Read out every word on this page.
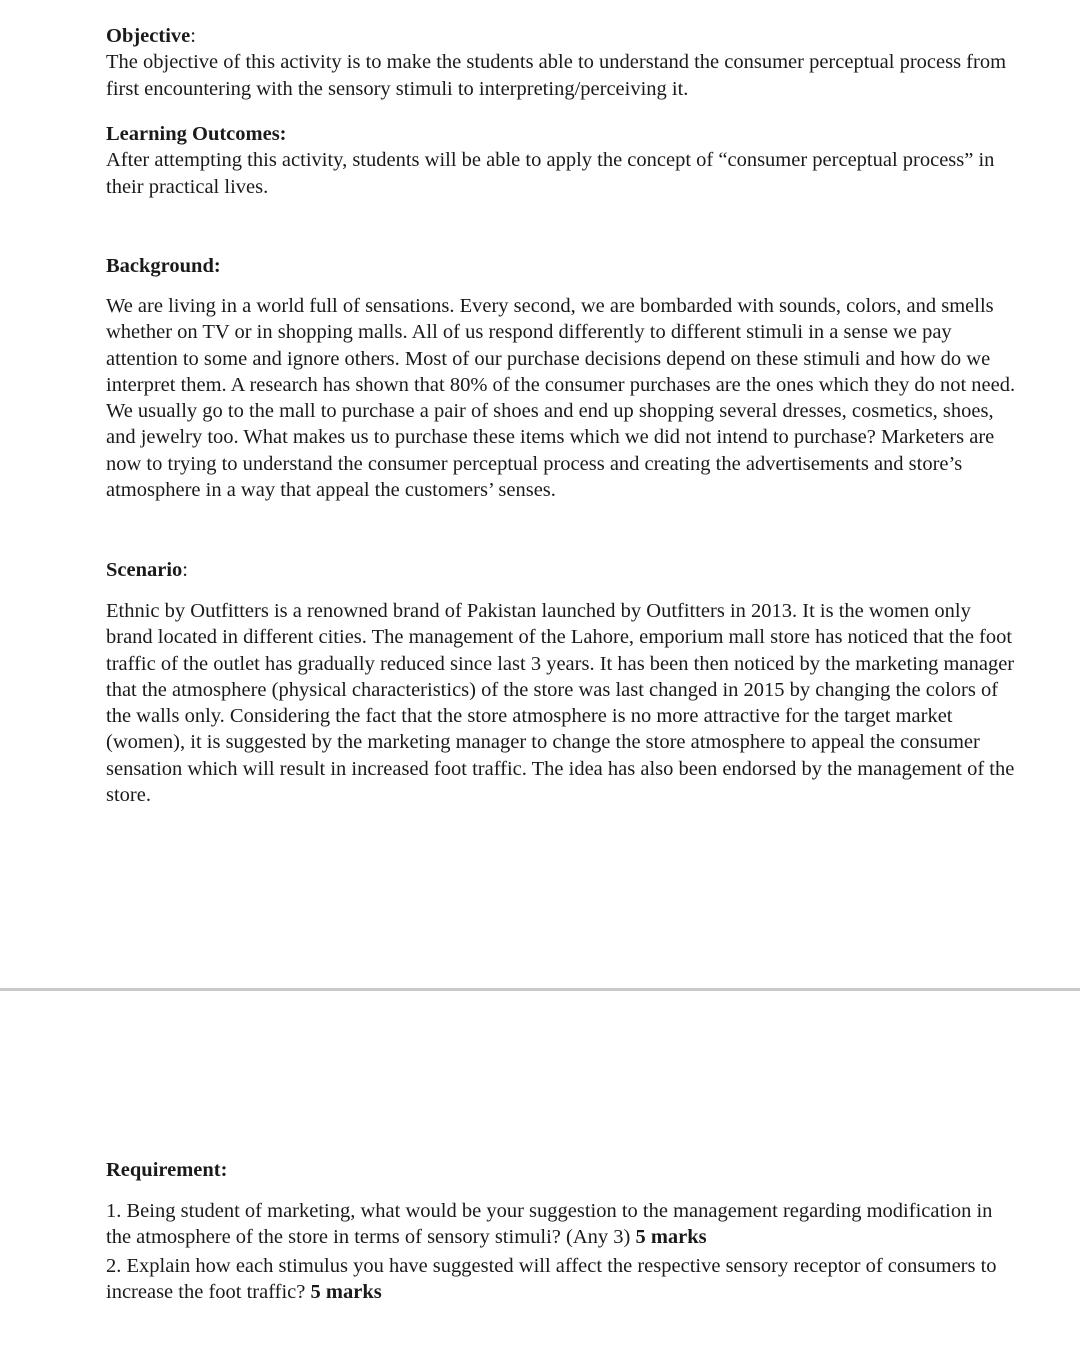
Objective:

The objective of this activity is to make the students able to understand the consumer perceptual process from first encountering with the sensory stimuli to interpreting/perceiving it.

Learning Outcomes:

After attempting this activity, students will be able to apply the concept of “consumer perceptual process” in their practical lives.

Background:

We are living in a world full of sensations. Every second, we are bombarded with sounds, colors, and smells whether on TV or in shopping malls. All of us respond differently to different stimuli in a sense we pay attention to some and ignore others. Most of our purchase decisions depend on these stimuli and how do we interpret them. A research has shown that 80% of the consumer purchases are the ones which they do not need. We usually go to the mall to purchase a pair of shoes and end up shopping several dresses, cosmetics, shoes, and jewelry too. What makes us to purchase these items which we did not intend to purchase? Marketers are now to trying to understand the consumer perceptual process and creating the advertisements and store’s atmosphere in a way that appeal the customers’ senses.

Scenario:

Ethnic by Outfitters is a renowned brand of Pakistan launched by Outfitters in 2013. It is the women only brand located in different cities. The management of the Lahore, emporium mall store has noticed that the foot traffic of the outlet has gradually reduced since last 3 years. It has been then noticed by the marketing manager that the atmosphere (physical characteristics) of the store was last changed in 2015 by changing the colors of the walls only. Considering the fact that the store atmosphere is no more attractive for the target market (women), it is suggested by the marketing manager to change the store atmosphere to appeal the consumer sensation which will result in increased foot traffic. The idea has also been endorsed by the management of the store.

Requirement:

1. Being student of marketing, what would be your suggestion to the management regarding modification in the atmosphere of the store in terms of sensory stimuli? (Any 3) 5 marks

2. Explain how each stimulus you have suggested will affect the respective sensory receptor of consumers to increase the foot traffic? 5 marks
